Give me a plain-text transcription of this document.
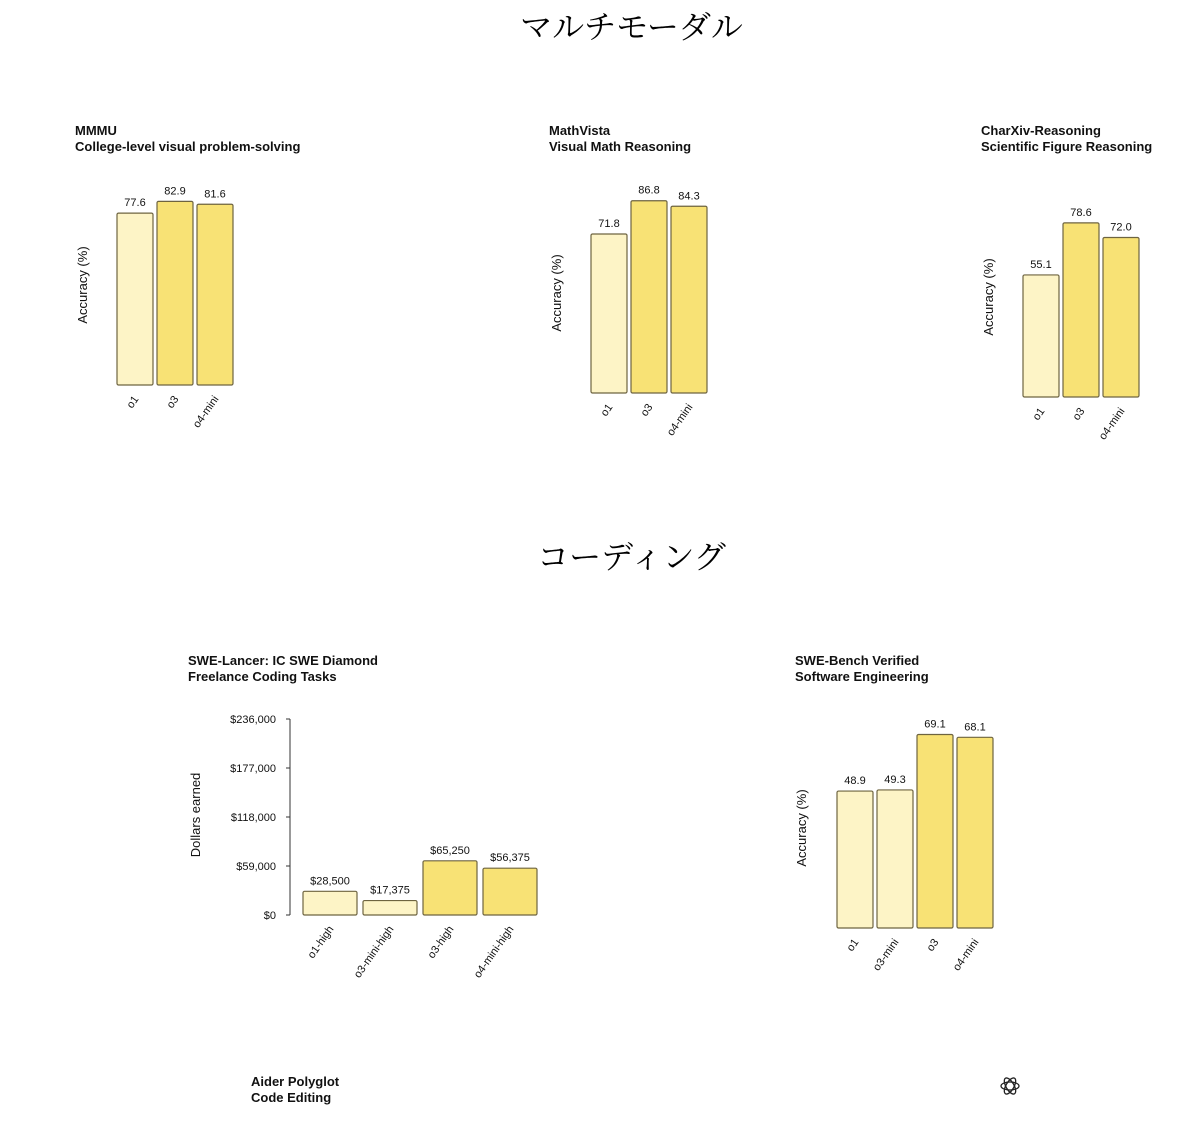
マルチモーダル
コーディング
MMMU
College-level visual problem-solving
MathVista
Visual Math Reasoning
CharXiv-Reasoning
Scientific Figure Reasoning
SWE-Lancer: IC SWE Diamond
Freelance Coding Tasks
SWE-Bench Verified
Software Engineering
Aider Polyglot
Code Editing
Accuracy (%)
77.6
o1
82.9
o3
81.6
o4-mini
Accuracy (%)
71.8
o1
86.8
o3
84.3
o4-mini
Accuracy (%)	55.1
o1
78.6
o3
72.0
o4-mini
Dollars earned
$0
$59,000
$118,000
$177,000
$236,000
$28,500
o1-high
$17,375
o3-mini-high
$65,250
o3-high
$56,375
o4-mini-high
Accuracy (%)
48.9
o1
49.3
o3-mini
69.1
o3
68.1
o4-mini
